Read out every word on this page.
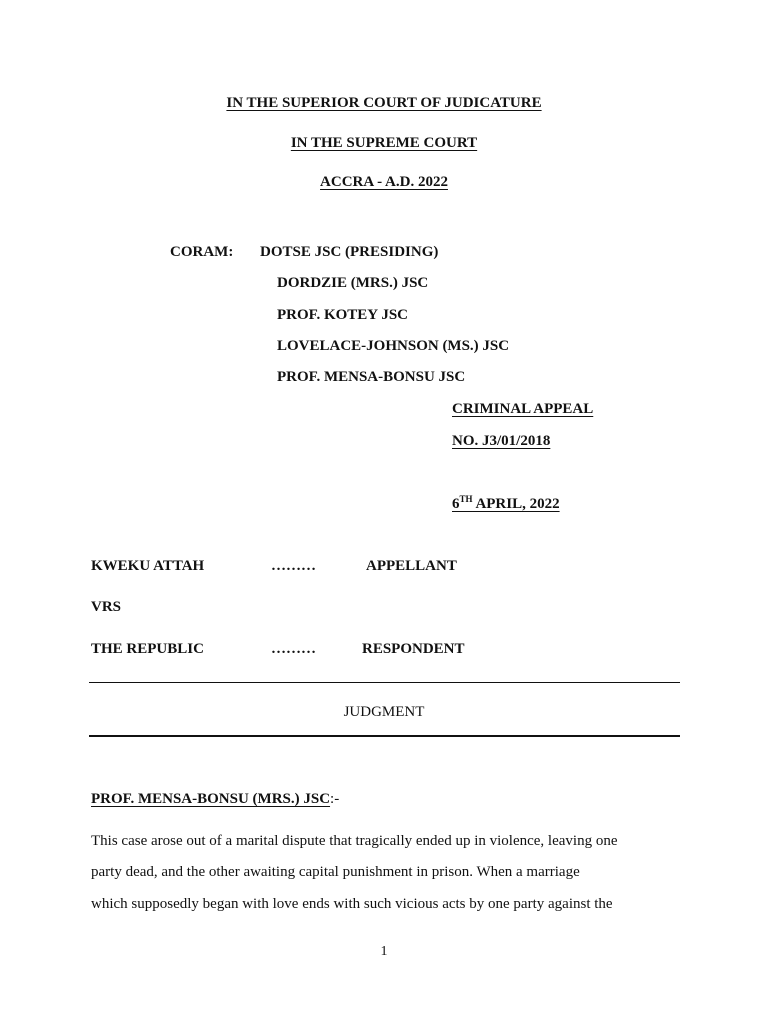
IN THE SUPERIOR COURT OF JUDICATURE
IN THE SUPREME COURT
ACCRA - A.D. 2022
CORAM: DOTSE JSC (PRESIDING)
DORDZIE (MRS.) JSC
PROF. KOTEY JSC
LOVELACE-JOHNSON (MS.) JSC
PROF. MENSA-BONSU JSC
CRIMINAL APPEAL
NO. J3/01/2018
6TH APRIL, 2022
KWEKU ATTAH	………	APPELLANT
VRS
THE REPUBLIC	………	RESPONDENT
JUDGMENT
PROF. MENSA-BONSU (MRS.) JSC:-
This case arose out of a marital dispute that tragically ended up in violence, leaving one
party dead, and the other awaiting capital punishment in prison. When a marriage
which supposedly began with love ends with such vicious acts by one party against the
1
